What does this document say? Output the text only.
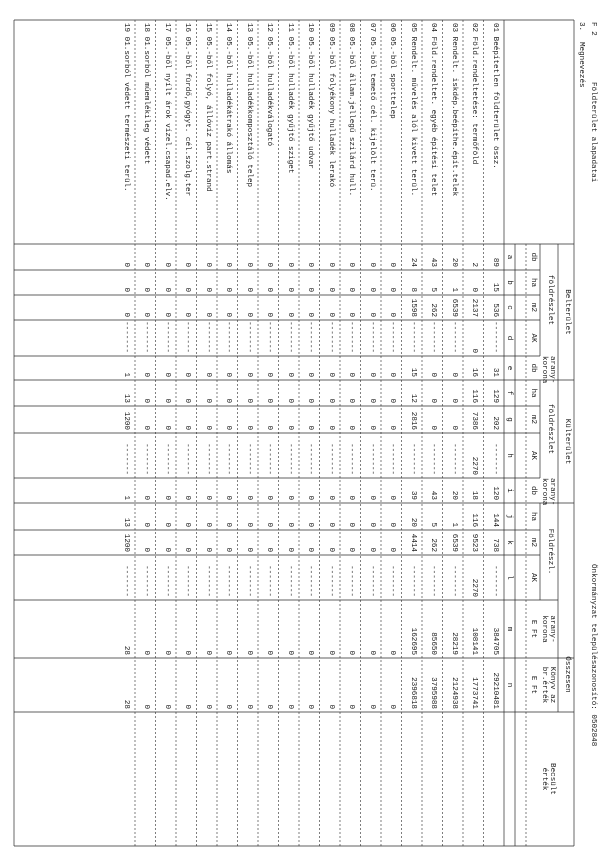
F 2
Földterület alapadatai
3.
Megnevezés
Önkormányzat településazonosító: 0502848
Belterület
Külterület
Összesen
földrészlet
arany-
korona
földrészlet
arany-
korona
Földrészl.
arany-
korona
Könyv az
br.érték
Becsült
érték
db
a
ha
b
m2
c
AK
d
db
e
ha
f
m2
g
AK
h
db
i
ha
j
m2
k
AK
l
E Ft
m
E Ft
n
01 Beépítetlen földterület össz.
89
15
536
-------
31
129
202
-------
120
144
738
-------
384705
29210481
02 Föld.rendeltetése: termőföld
2
0
2137
0
16
116
7386
2270
18
116
9523
2270
108141
1773741
03 Rendelt. iskdép.beépíthe.épít.telek
20
1
6539
-------
0
0
0
-------
20
1
6539
-------
28219
2124938
04 Föld.rendeltet. egyéb építési telet
43
5
262
-------
0
0
0
-------
43
5
262
-------
85650
3795988
05 Rendelt. művelés alól kivett terül.
24
8
1598
-------
15
12
2816
-------
39
20
4414
-------
162695
2396818
06 05.-ből sporttelep
0
0
0
-------
0
0
0
-------
0
0
0
-------
0
0
07 05.-ből temető cél. kijelölt terü.
0
0
0
-------
0
0
0
-------
0
0
0
-------
0
0
08 05.-ből állam.jellegű szilárd hull.
0
0
0
-------
0
0
0
-------
0
0
0
-------
0
0
09 05.-ből folyékony hulladék lerakó
0
0
0
-------
0
0
0
-------
0
0
0
-------
0
0
10 05.-ből hulladék gyűjtő udvar
0
0
0
-------
0
0
0
-------
0
0
0
-------
0
0
11 05.-ből hulladék gyűjtő sziget
0
0
0
-------
0
0
0
-------
0
0
0
-------
0
0
12 05.-ből hulladékválogató
0
0
0
-------
0
0
0
-------
0
0
0
-------
0
0
13 05.-ből hulladékkomposztáló telep
0
0
0
-------
0
0
0
-------
0
0
0
-------
0
0
14 05.-ből hulladékátrakó állomás
0
0
0
-------
0
0
0
-------
0
0
0
-------
0
0
15 05.-ből folyó, állóvíz part.strand
0
0
0
-------
0
0
0
-------
0
0
0
-------
0
0
16 05.-ből fürdő,gyógyt. cél.szolg.ter
0
0
0
-------
0
0
0
-------
0
0
0
-------
0
0
17 05.-ből nyílt árok vízel.csapad.elv.
0
0
0
-------
0
0
0
-------
0
0
0
-------
0
0
18 01.sorból műemlékileg védett
0
0
0
-------
0
0
0
-------
0
0
0
-------
0
0
19 01.sorból védett természeti terül.
0
0
0
-------
1
13
1200
-------
1
13
1200
-------
28
28
